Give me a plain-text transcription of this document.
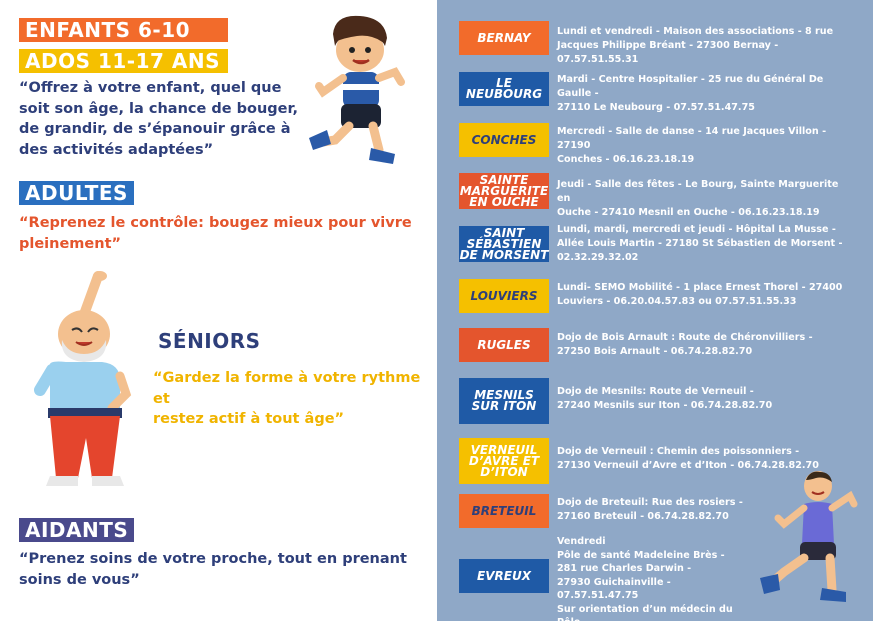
ENFANTS 6-10
ADOS 11-17 ANS
“Offrez à votre enfant, quel que
soit son âge, la chance de bouger,
de grandir, de s’épanouir grâce à
des activités adaptées”
ADULTES
“Reprenez le contrôle: bougez mieux pour vivre
pleinement”
SÉNIORS
“Gardez la forme à votre rythme et
restez actif à tout âge”
AIDANTS
“Prenez soins de votre proche, tout en prenant
soins de vous”
BERNAY	Lundi et vendredi - Maison des associations - 8 rue
Jacques Philippe Bréant - 27300 Bernay - 07.57.51.55.31
LE NEUBOURG
Mardi - Centre Hospitalier - 25 rue du Général De Gaulle -
27110 Le Neubourg - 07.57.51.47.75
CONCHES
Mercredi - Salle de danse - 14 rue Jacques Villon - 27190
Conches - 06.16.23.18.19
SAINTE MARGUERITE EN OUCHE
Jeudi - Salle des fêtes - Le Bourg, Sainte Marguerite en
Ouche - 27410 Mesnil en Ouche - 06.16.23.18.19
SAINT SÉBASTIEN DE MORSENT
Lundi, mardi, mercredi et jeudi - Hôpital La Musse -
Allée Louis Martin - 27180 St Sébastien de Morsent -
02.32.29.32.02
LOUVIERS
Lundi- SEMO Mobilité - 1 place Ernest Thorel - 27400
Louviers - 06.20.04.57.83 ou 07.57.51.55.33
RUGLES	Dojo de Bois Arnault : Route de Chéronvilliers -
27250 Bois Arnault - 06.74.28.82.70
MESNILS SUR ITON
Dojo de Mesnils: Route de Verneuil -
27240 Mesnils sur Iton - 06.74.28.82.70
VERNEUIL D’AVRE ET D’ITON
Dojo de Verneuil : Chemin des poissonniers -
27130 Verneuil d’Avre et d’Iton - 06.74.28.82.70
BRETEUIL
Dojo de Breteuil: Rue des rosiers -
27160 Breteuil - 06.74.28.82.70
EVREUX
Vendredi
Pôle de santé Madeleine Brès -
281 rue Charles Darwin -
27930 Guichainville -
07.57.51.47.75
Sur orientation d’un médecin du Pôle
